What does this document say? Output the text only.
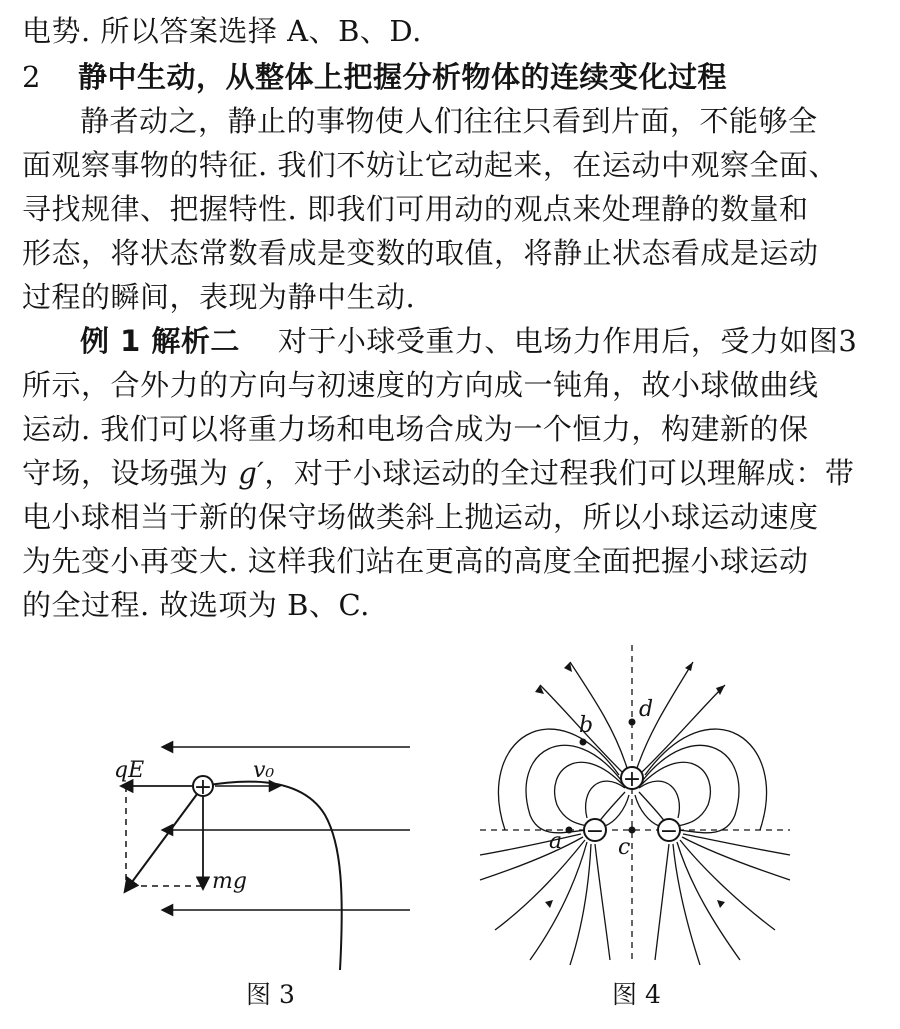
电势. 所以答案选择 A、B、D.
2 静中生动，从整体上把握分析物体的连续变化过程
静者动之，静止的事物使人们往往只看到片面，不能够全
面观察事物的特征. 我们不妨让它动起来，在运动中观察全面、
寻找规律、把握特性. 即我们可用动的观点来处理静的数量和
形态，将状态常数看成是变数的取值，将静止状态看成是运动
过程的瞬间，表现为静中生动.
例 1 解析二 对于小球受重力、电场力作用后，受力如图3
所示，合外力的方向与初速度的方向成一钝角，故小球做曲线
运动. 我们可以将重力场和电场合成为一个恒力，构建新的保
守场，设场强为 g′，对于小球运动的全过程我们可以理解成：带
电小球相当于新的保守场做类斜上抛运动，所以小球运动速度
为先变小再变大. 这样我们站在更高的高度全面把握小球运动
的全过程. 故选项为 B、C.
+
qE	v₀
mg
图 3
+
−	−
a
b
c
d
图 4
